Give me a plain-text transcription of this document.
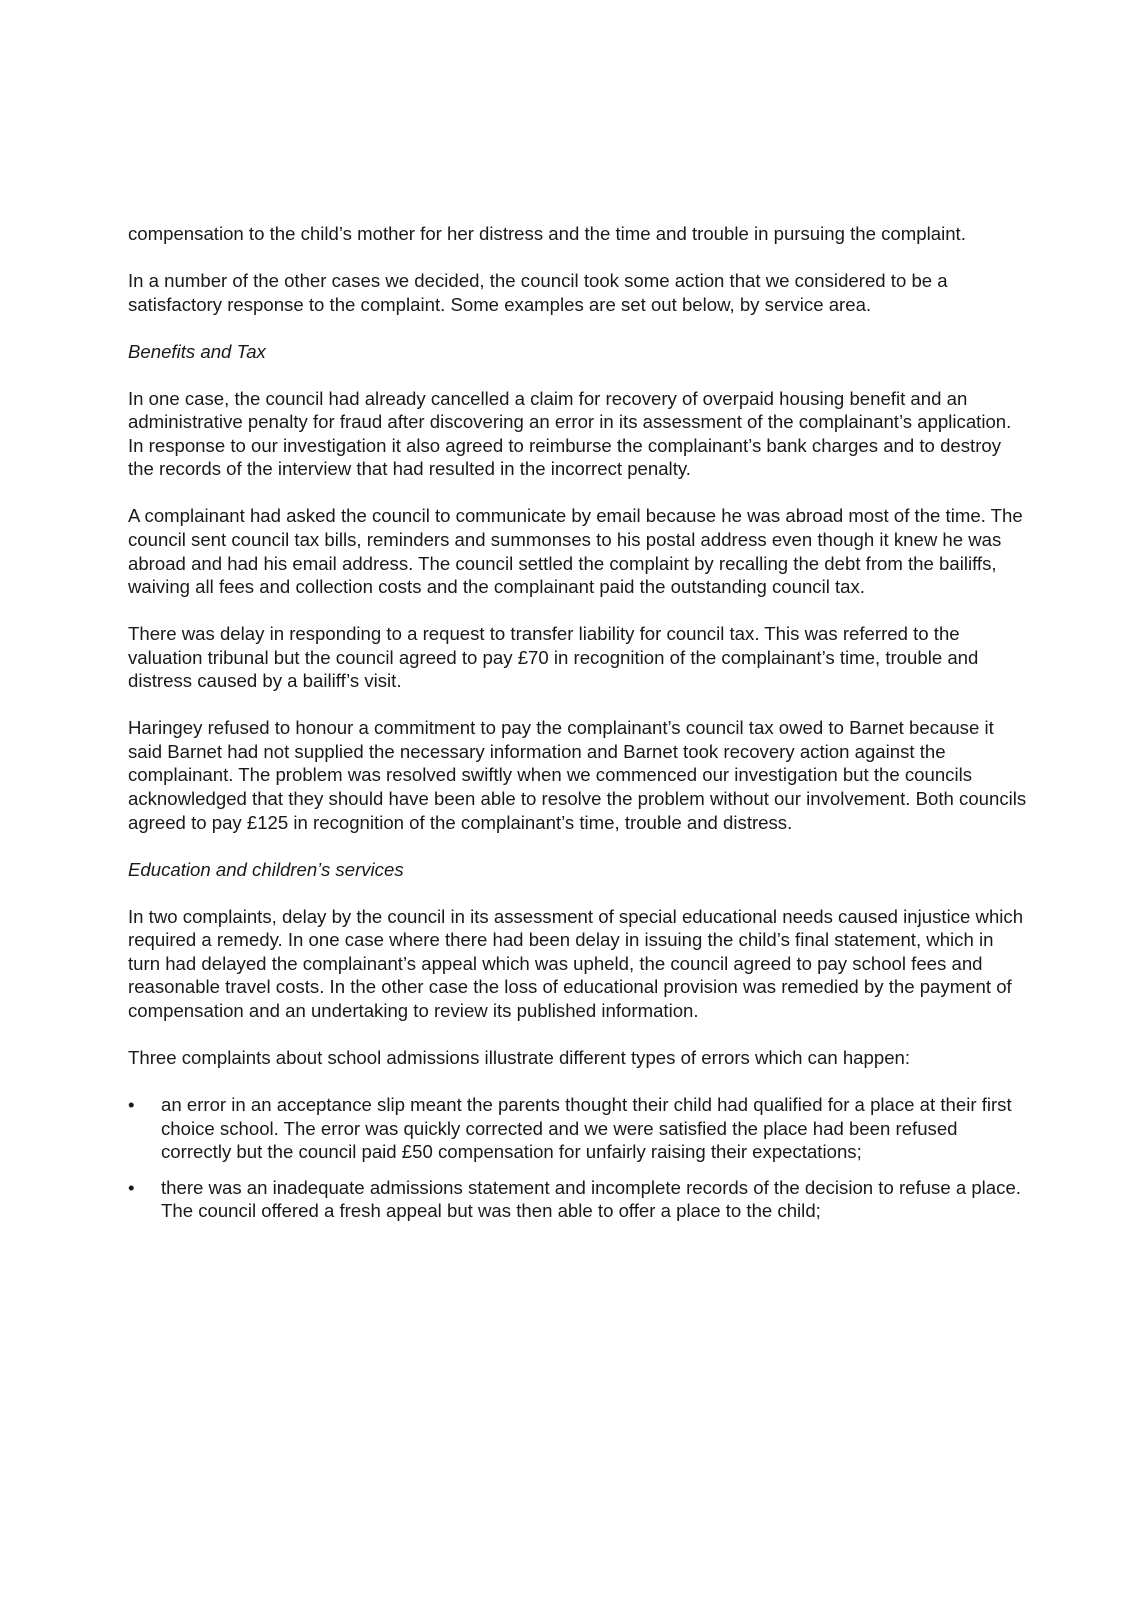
compensation to the child’s mother for her distress and the time and trouble in pursuing the complaint.

In a number of the other cases we decided, the council took some action that we considered to be a satisfactory response to the complaint. Some examples are set out below, by service area.

Benefits and Tax

In one case, the council had already cancelled a claim for recovery of overpaid housing benefit and an administrative penalty for fraud after discovering an error in its assessment of the complainant’s application. In response to our investigation it also agreed to reimburse the complainant’s bank charges and to destroy the records of the interview that had resulted in the incorrect penalty.

A complainant had asked the council to communicate by email because he was abroad most of the time. The council sent council tax bills, reminders and summonses to his postal address even though it knew he was abroad and had his email address. The council settled the complaint by recalling the debt from the bailiffs, waiving all fees and collection costs and the complainant paid the outstanding council tax.

There was delay in responding to a request to transfer liability for council tax. This was referred to the valuation tribunal but the council agreed to pay £70 in recognition of the complainant’s time, trouble and distress caused by a bailiff’s visit.

Haringey refused to honour a commitment to pay the complainant’s council tax owed to Barnet because it said Barnet had not supplied the necessary information and Barnet took recovery action against the complainant. The problem was resolved swiftly when we commenced our investigation but the councils acknowledged that they should have been able to resolve the problem without our involvement. Both councils agreed to pay £125 in recognition of the complainant’s time, trouble and distress.

Education and children’s services

In two complaints, delay by the council in its assessment of special educational needs caused injustice which required a remedy. In one case where there had been delay in issuing the child’s final statement, which in turn had delayed the complainant’s appeal which was upheld, the council agreed to pay school fees and reasonable travel costs. In the other case the loss of educational provision was remedied by the payment of compensation and an undertaking to review its published information.

Three complaints about school admissions illustrate different types of errors which can happen:

• an error in an acceptance slip meant the parents thought their child had qualified for a place at their first choice school. The error was quickly corrected and we were satisfied the place had been refused correctly but the council paid £50 compensation for unfairly raising their expectations;
• there was an inadequate admissions statement and incomplete records of the decision to refuse a place. The council offered a fresh appeal but was then able to offer a place to the child;
